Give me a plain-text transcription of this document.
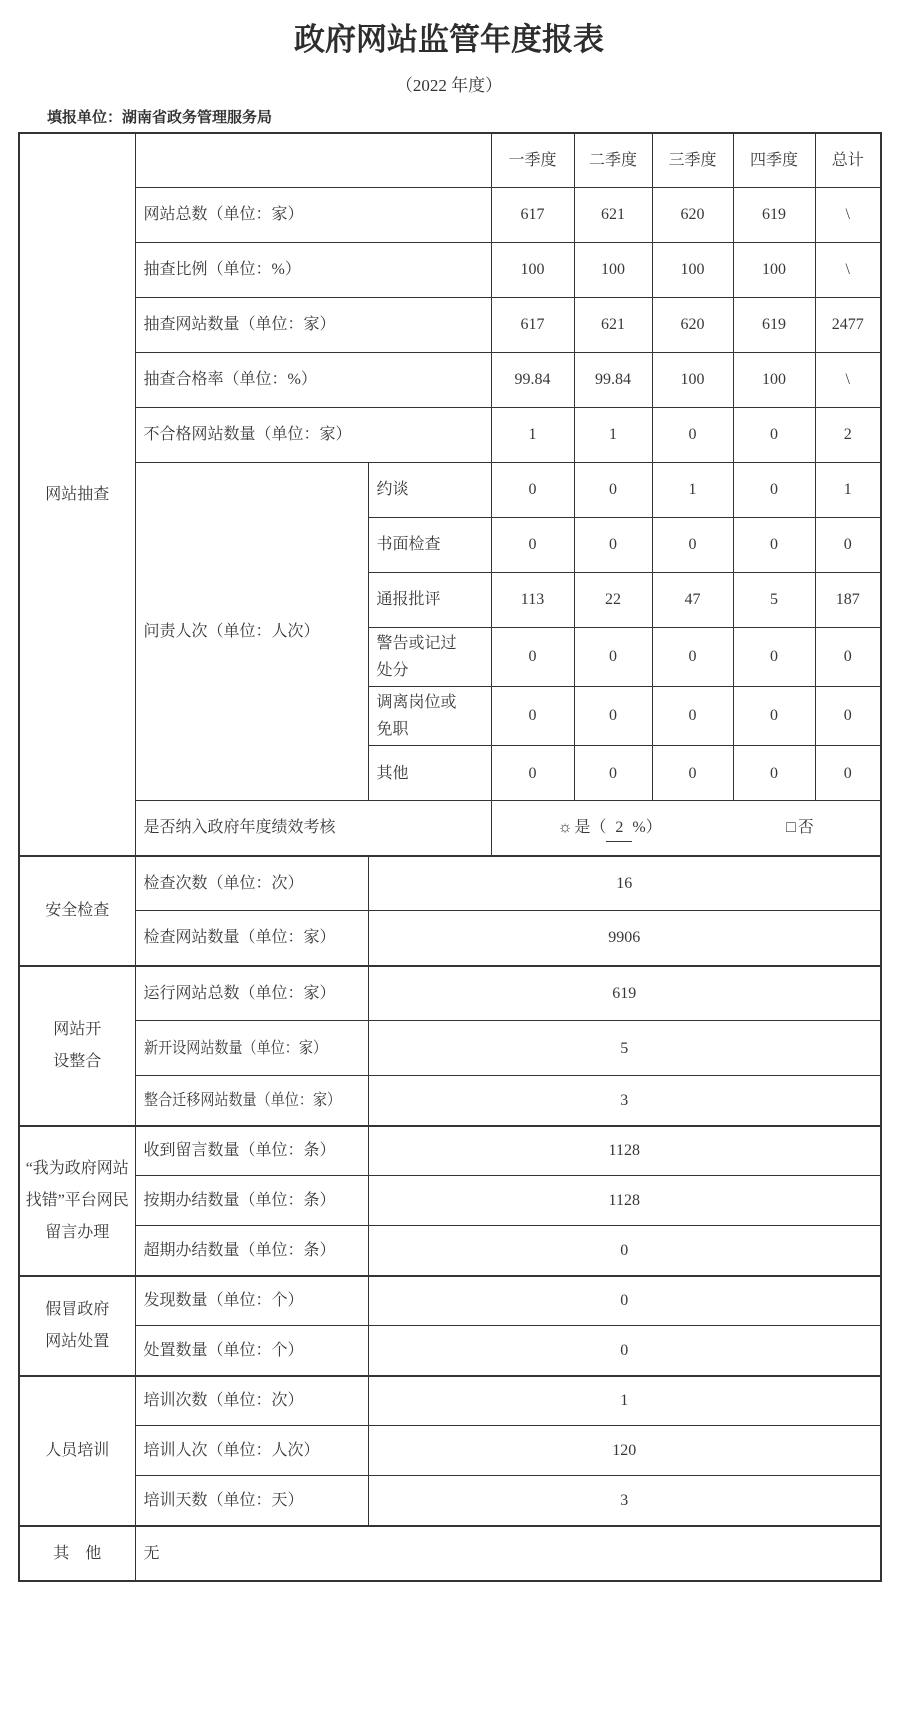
政府网站监管年度报表
（2022 年度）
填报单位：湖南省政务管理服务局
网站抽查			一季度	二季度	三季度	四季度	总计
	网站总数（单位：家）		617	621	620	619	\
	抽查比例（单位：%）		100	100	100	100	\
	抽查网站数量（单位：家）		617	621	620	619	2477
	抽查合格率（单位：%）		99.84	99.84	100	100	\
	不合格网站数量（单位：家）		1	1	0	0	2
	问责人次（单位：人次）	约谈	0	0	1	0	1
		书面检查	0	0	0	0	0
		通报批评	113	22	47	5	187
		警告或记过处分	0	0	0	0	0
		调离岗位或免职	0	0	0	0	0
		其他	0	0	0	0	0
	是否纳入政府年度绩效考核		☼ 是（ 2 %） □ 否				

安全检查	检查次数（单位：次）	16					
	检查网站数量（单位：家）	9906					
网站开设整合	运行网站总数（单位：家）	619					
	新开设网站数量（单位：家）	5					
	整合迁移网站数量（单位：家）	3					
“我为政府网站找错”平台网民留言办理	收到留言数量（单位：条）	1128					
	按期办结数量（单位：条）	1128					
	超期办结数量（单位：条）	0					
假冒政府网站处置	发现数量（单位：个）	0					
	处置数量（单位：个）	0					
人员培训	培训次数（单位：次）	1					
	培训人次（单位：人次）	120					
	培训天数（单位：天）	3					
其　他	无						
